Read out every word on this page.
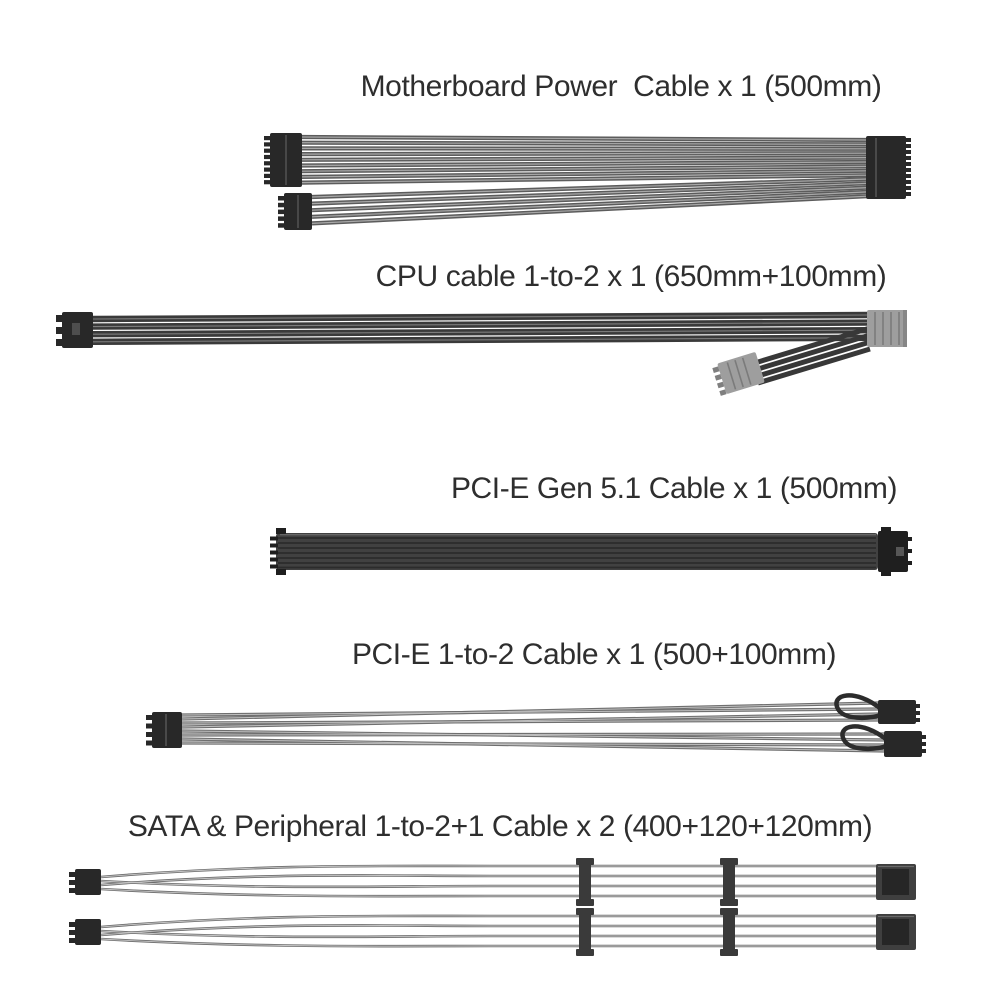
Motherboard Power  Cable x 1 (500mm)
CPU cable 1-to-2 x 1 (650mm+100mm)
PCI-E Gen 5.1 Cable x 1 (500mm)
PCI-E 1-to-2 Cable x 1 (500+100mm)
SATA & Peripheral 1-to-2+1 Cable x 2 (400+120+120mm)
